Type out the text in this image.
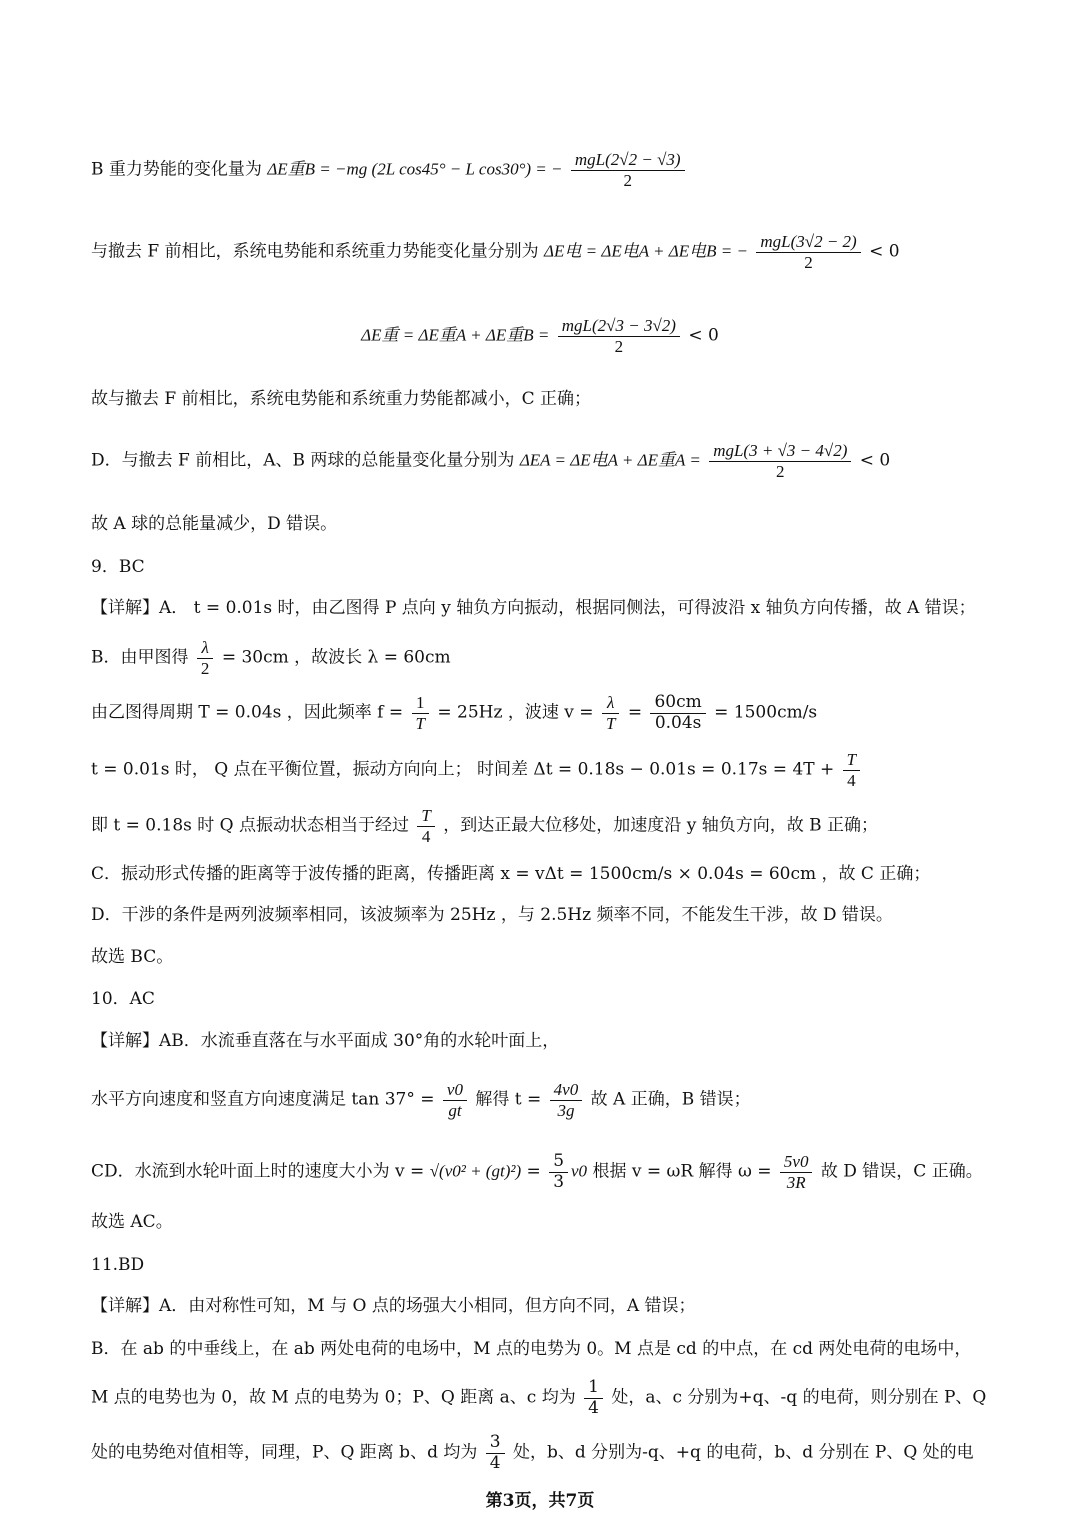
B 重力势能的变化量为 ΔE重B = −mg (2L cos45° − L cos30°) = − $\frac{\text{mgL(2√2 − √3)}}{2}$
与撤去 F 前相比，系统电势能和系统重力势能变化量分别为 ΔE电 = ΔE电A + ΔE电B = − $\frac{\text{mgL(3√2 − 2)}}{2} < 0$
ΔE重 = ΔE重A + ΔE重$B = \frac{\text{mgL(2√3 − 3√2)}}{2} < 0$
故与撤去 F 前相比，系统电势能和系统重力势能都减小，C 正确；
D．与撤去 F 前相比，A、B 两球的总能量变化量分别为 ΔEA = ΔE电A + ΔE重$A = \frac{\text{mgL(3 + √3 − 4√2)}}{2} < 0$
故 A 球的总能量减少，D 错误。
9．BC
【详解】A． t = 0.01s 时，由乙图得 P 点向 y 轴负方向振动，根据同侧法，可得波沿 x 轴负方向传播，故 A 错误；
B．由甲图得 $\frac{\lambda}{2} = 30cm$ ，故波长 λ = 60cm
由乙图得周期 T = 0.04s ，因此频率 $f = \frac{1}{T} = 25Hz$ ，波速 $v = \frac{\lambda}{T} = \frac{60cm}{0.04s} = 1500cm/s$
t = 0.01s 时， Q 点在平衡位置，振动方向向上； 时间差 $\Delta t = 0.18s - 0.01s = 0.17s = 4T + \frac{T}{4}$
即 t = 0.18s 时 Q 点振动状态相当于经过 $\frac{T}{4}$ ，到达正最大位移处，加速度沿 y 轴负方向，故 B 正确；
C．振动形式传播的距离等于波传播的距离，传播距离 x = vΔt = 1500cm/s × 0.04s = 60cm ，故 C 正确；
D．干涉的条件是两列波频率相同，该波频率为 25Hz ，与 2.5Hz 频率不同，不能发生干涉，故 D 错误。
故选 BC。
10．AC
【详解】AB．水流垂直落在与水平面成 30°角的水轮叶面上，
水平方向速度和竖直方向速度满足 $\tan 37^\circ = \frac{v0}{gt}$ 解得 $t = \frac{4v0}{3g}$ 故 A 正确，B 错误；
CD．水流到水轮叶面上时的速度大小为 $v = √(v0^2 + (gt)^2) = \frac{5}{3} v0$ 根据 v = ωR 解得 $\omega = \frac{5v0}{3R}$ 故 D 错误，C 正确。
故选 AC。
11.BD
【详解】A．由对称性可知，M 与 O 点的场强大小相同，但方向不同，A 错误；
B．在 ab 的中垂线上，在 ab 两处电荷的电场中，M 点的电势为 0。M 点是 cd 的中点，在 cd 两处电荷的电场中，
M 点的电势也为 0，故 M 点的电势为 0；P、Q 距离 a、c 均为 $\frac{1}{4}$ 处，a、c 分别为+q、-q 的电荷，则分别在 P、Q
处的电势绝对值相等，同理，P、Q 距离 b、d 均为 $\frac{3}{4}$ 处，b、d 分别为-q、+q 的电荷，b、d 分别在 P、Q 处的电
第3页，共7页
